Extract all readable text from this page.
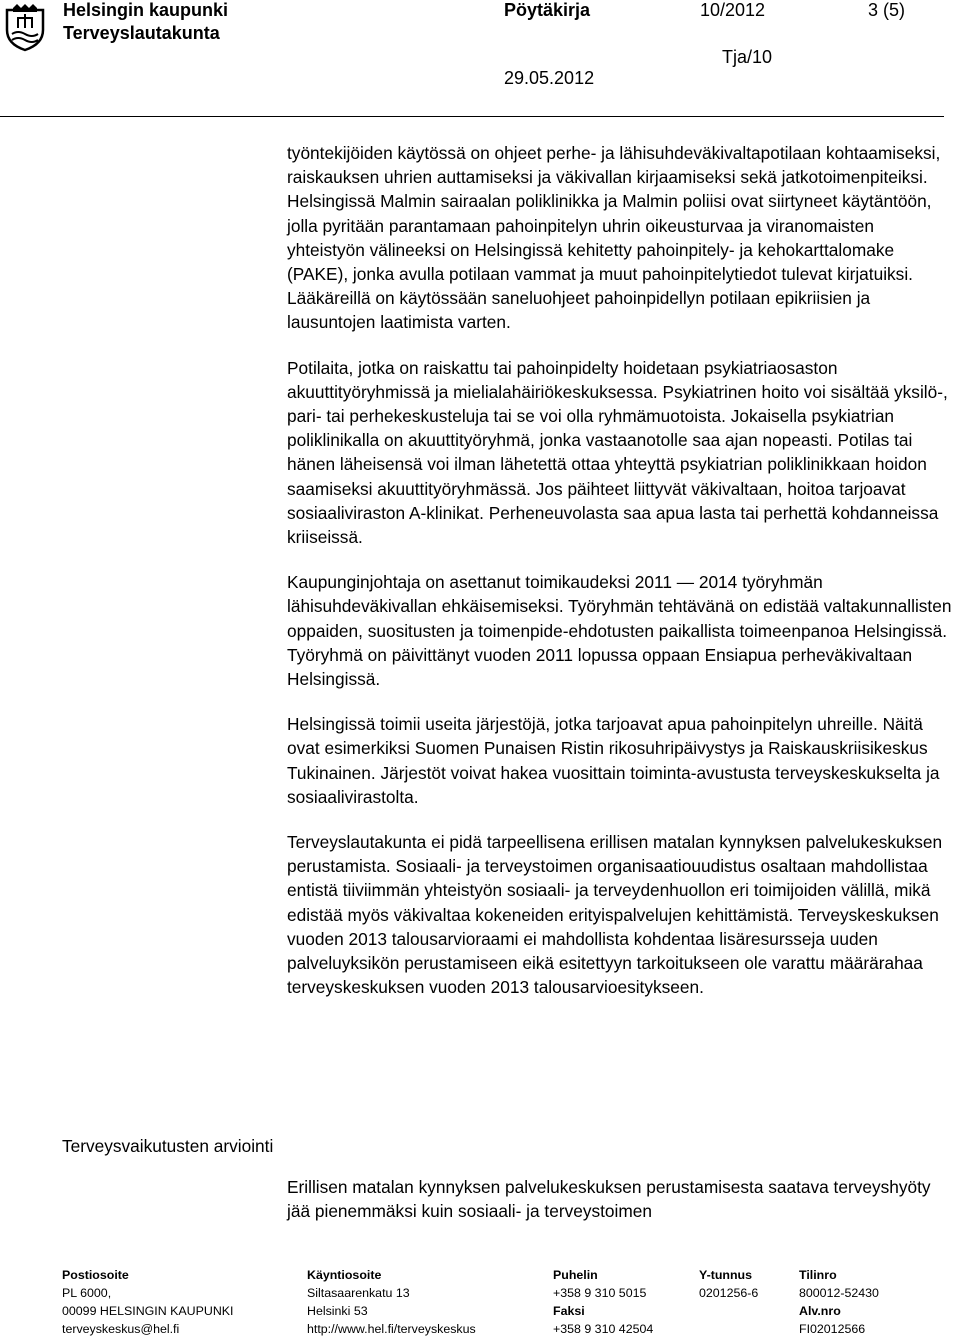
Helsingin kaupunki
Terveyslautakunta
Pöytäkirja	10/2012	3 (5)
Tja/10
29.05.2012

työntekijöiden käytössä on ohjeet perhe- ja lähisuhdeväkivaltapotilaan kohtaamiseksi, raiskauksen uhrien auttamiseksi ja väkivallan kirjaamiseksi sekä jatkotoimenpiteiksi. Helsingissä Malmin sairaalan poliklinikka ja Malmin poliisi ovat siirtyneet käytäntöön, jolla pyritään parantamaan pahoinpitelyn uhrin oikeusturvaa ja viranomaisten yhteistyön välineeksi on Helsingissä kehitetty pahoinpitely- ja kehokarttalomake (PAKE), jonka avulla potilaan vammat ja muut pahoinpitelytiedot tulevat kirjatuiksi. Lääkäreillä on käytössään saneluohjeet pahoinpidellyn potilaan epikriisien ja lausuntojen laatimista varten.

Potilaita, jotka on raiskattu tai pahoinpidelty hoidetaan psykiatriaosaston akuuttityöryhmissä ja mielialahäiriökeskuksessa. Psykiatrinen hoito voi sisältää yksilö-, pari- tai perhekeskusteluja tai se voi olla ryhmämuotoista. Jokaisella psykiatrian poliklinikalla on akuuttityöryhmä, jonka vastaanotolle saa ajan nopeasti. Potilas tai hänen läheisensä voi ilman lähetettä ottaa yhteyttä psykiatrian poliklinikkaan hoidon saamiseksi akuuttityöryhmässä. Jos päihteet liittyvät väkivaltaan, hoitoa tarjoavat sosiaaliviraston A-klinikat. Perheneuvolasta saa apua lasta tai perhettä kohdanneissa kriiseissä.

Kaupunginjohtaja on asettanut toimikaudeksi 2011 — 2014 työryhmän lähisuhdeväkivallan ehkäisemiseksi. Työryhmän tehtävänä on edistää valtakunnallisten oppaiden, suositusten ja toimenpide-ehdotusten paikallista toimeenpanoa Helsingissä. Työryhmä on päivittänyt vuoden 2011 lopussa oppaan Ensiapua perheväkivaltaan Helsingissä.

Helsingissä toimii useita järjestöjä, jotka tarjoavat apua pahoinpitelyn uhreille. Näitä ovat esimerkiksi Suomen Punaisen Ristin rikosuhripäivystys ja Raiskauskriisikeskus Tukinainen. Järjestöt voivat hakea vuosittain toiminta-avustusta terveyskeskukselta ja sosiaalivirastolta.

Terveyslautakunta ei pidä tarpeellisena erillisen matalan kynnyksen palvelukeskuksen perustamista. Sosiaali- ja terveystoimen organisaatiouudistus osaltaan mahdollistaa entistä tiiviimmän yhteistyön sosiaali- ja terveydenhuollon eri toimijoiden välillä, mikä edistää myös väkivaltaa kokeneiden erityispalvelujen kehittämistä. Terveyskeskuksen vuoden 2013 talousarvioraami ei mahdollista kohdentaa lisäresursseja uuden palveluyksikön perustamiseen eikä esitettyyn tarkoitukseen ole varattu määrärahaa terveyskeskuksen vuoden 2013 talousarvioesitykseen.

Terveysvaikutusten arviointi

Erillisen matalan kynnyksen palvelukeskuksen perustamisesta saatava terveyshyöty jää pienemmäksi kuin sosiaali- ja terveystoimen

Postiosoite
PL 6000,
00099 HELSINGIN KAUPUNKI
terveyskeskus@hel.fi
Käyntiosoite
Siltasaarenkatu 13
Helsinki 53
http://www.hel.fi/terveyskeskus
Puhelin
+358 9 310 5015
Faksi
+358 9 310 42504
Y-tunnus
0201256-6
Tilinro
800012-52430
Alv.nro
FI02012566
